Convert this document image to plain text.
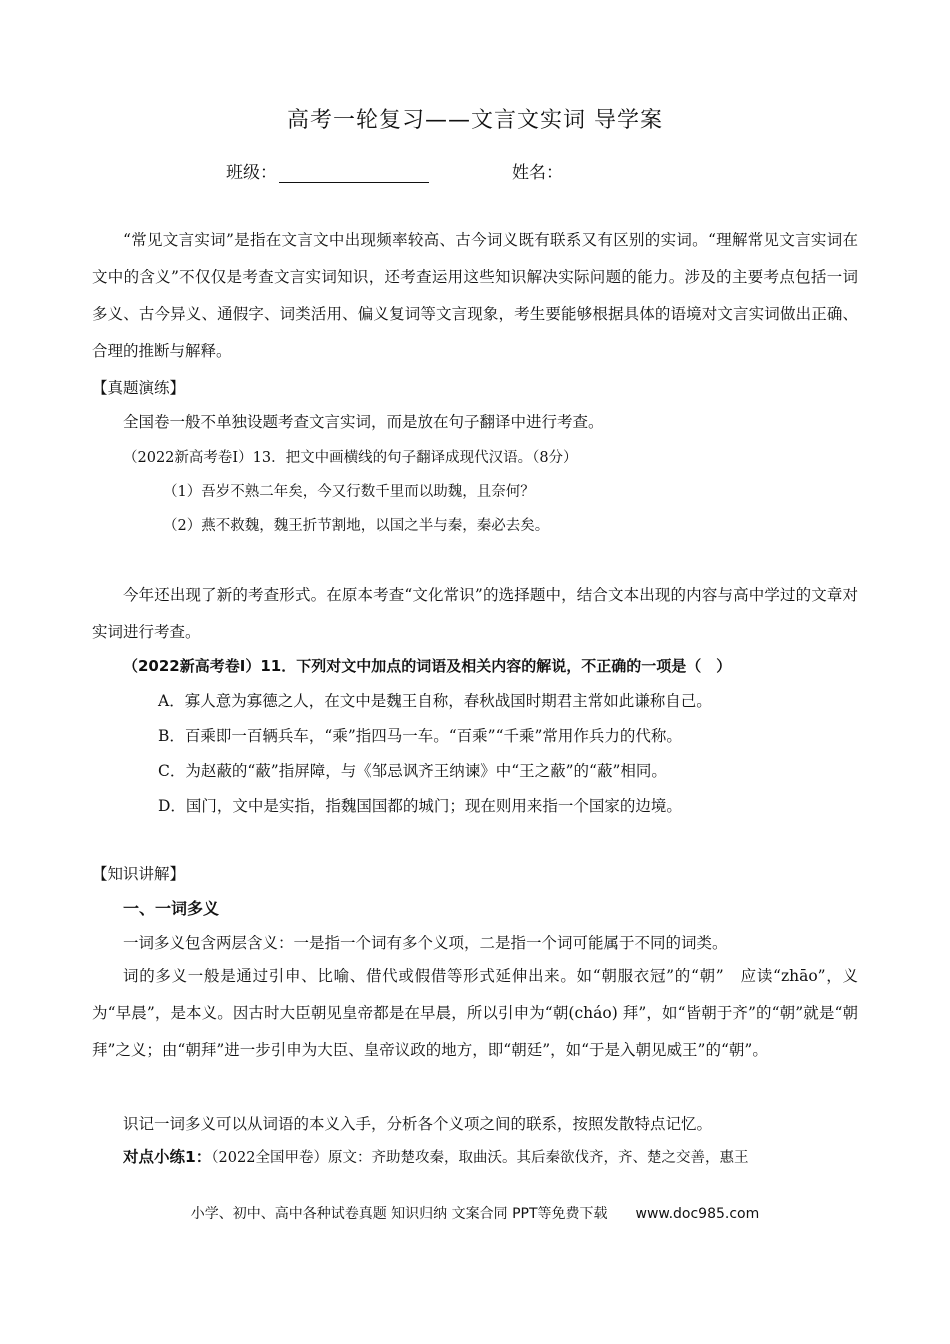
高考一轮复习——文言文实词 导学案
班级：	姓名：
“常见文言实词”是指在文言文中出现频率较高、古今词义既有联系又有区别的实词。“理解常见文言实词在文中的含义”不仅仅是考查文言实词知识，还考查运用这些知识解决实际问题的能力。涉及的主要考点包括一词多义、古今异义、通假字、词类活用、偏义复词等文言现象，考生要能够根据具体的语境对文言实词做出正确、合理的推断与解释。
【真题演练】
全国卷一般不单独设题考查文言实词，而是放在句子翻译中进行考查。
（2022新高考卷Ⅰ）13．把文中画横线的句子翻译成现代汉语。（8分）
（1）吾岁不熟二年矣，今又行数千里而以助魏，且奈何？
（2）燕不救魏，魏王折节割地，以国之半与秦，秦必去矣。
今年还出现了新的考查形式。在原本考查“文化常识”的选择题中，结合文本出现的内容与高中学过的文章对实词进行考查。
（2022新高考卷Ⅰ）11．下列对文中加点的词语及相关内容的解说，不正确的一项是（　）
A．寡人意为寡德之人，在文中是魏王自称，春秋战国时期君主常如此谦称自己。
B．百乘即一百辆兵车，“乘”指四马一车。“百乘”“千乘”常用作兵力的代称。
C．为赵蔽的“蔽”指屏障，与《邹忌讽齐王纳谏》中“王之蔽”的“蔽”相同。
D．国门，文中是实指，指魏国国都的城门；现在则用来指一个国家的边境。
【知识讲解】
一、一词多义
一词多义包含两层含义：一是指一个词有多个义项，二是指一个词可能属于不同的词类。
词的多义一般是通过引申、比喻、借代或假借等形式延伸出来。如“朝服衣冠”的“朝”　应读“zhāo”，义为“早晨”，是本义。因古时大臣朝见皇帝都是在早晨，所以引申为“朝(cháo) 拜”，如“皆朝于齐”的“朝”就是“朝拜”之义；由“朝拜”进一步引申为大臣、皇帝议政的地方，即“朝廷”，如“于是入朝见威王”的“朝”。
识记一词多义可以从词语的本义入手，分析各个义项之间的联系，按照发散特点记忆。
对点小练1：（2022全国甲卷）原文：齐助楚攻秦，取曲沃。其后秦欲伐齐，齐、楚之交善，惠王
小学、初中、高中各种试卷真题 知识归纳 文案合同 PPT等免费下载　　www.doc985.com
